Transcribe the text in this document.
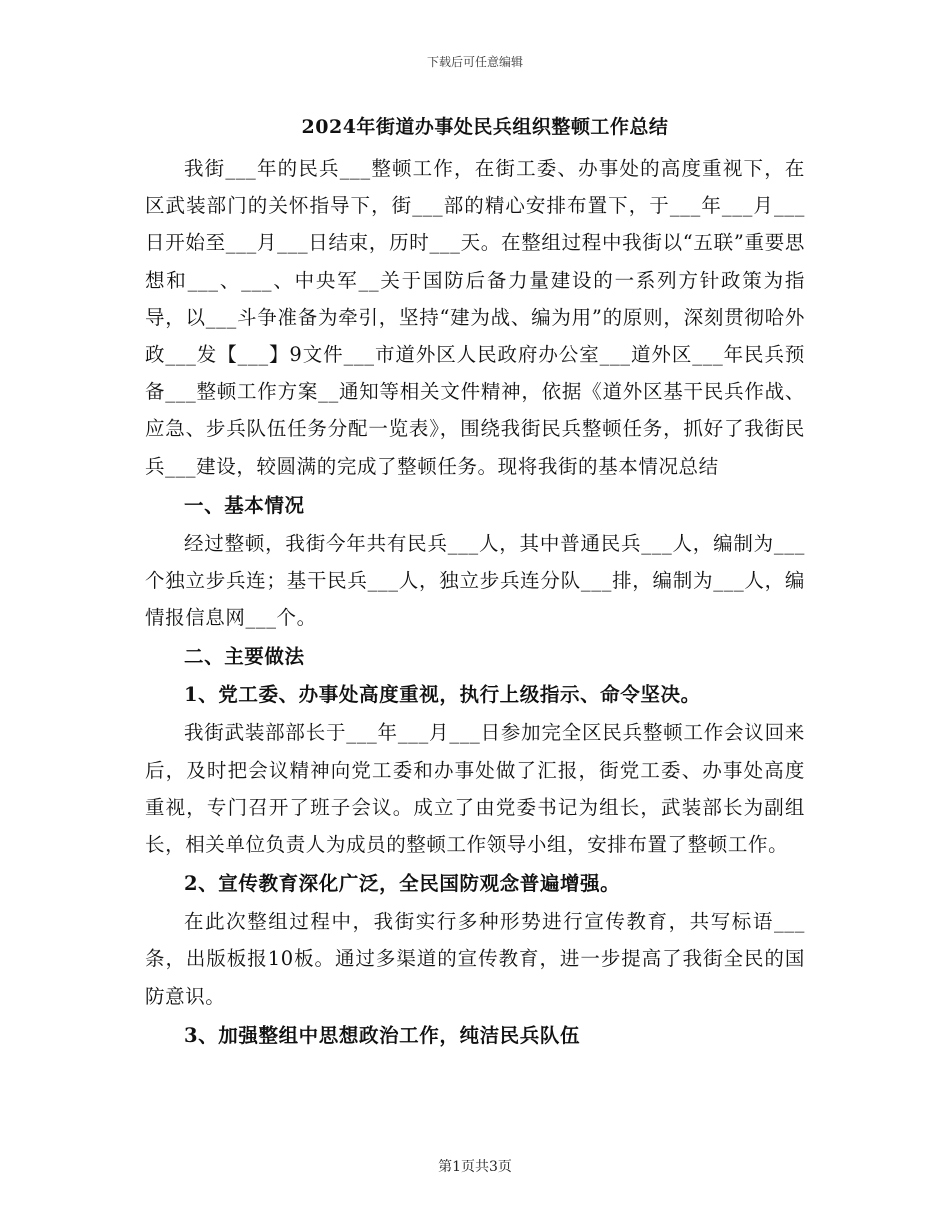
下载后可任意编辑
2024年街道办事处民兵组织整顿工作总结

我街___年的民兵___整顿工作，在街工委、办事处的高度重视下，在区武装部门的关怀指导下，街___部的精心安排布置下，于___年___月___日开始至___月___日结束，历时___天。在整组过程中我街以“五联”重要思想和___、___、中央军__关于国防后备力量建设的一系列方针政策为指导，以___斗争准备为牵引，坚持“建为战、编为用”的原则，深刻贯彻哈外政___发【___】9文件___市道外区人民政府办公室___道外区___年民兵预备___整顿工作方案__通知等相关文件精神，依据《道外区基干民兵作战、应急、步兵队伍任务分配一览表》，围绕我街民兵整顿任务，抓好了我街民兵___建设，较圆满的完成了整顿任务。现将我街的基本情况总结

一、基本情况

经过整顿，我街今年共有民兵___人，其中普通民兵___人，编制为___个独立步兵连；基干民兵___人，独立步兵连分队___排，编制为___人，编情报信息网___个。

二、主要做法

1、党工委、办事处高度重视，执行上级指示、命令坚决。

我街武装部部长于___年___月___日参加完全区民兵整顿工作会议回来后，及时把会议精神向党工委和办事处做了汇报，街党工委、办事处高度重视，专门召开了班子会议。成立了由党委书记为组长，武装部长为副组长，相关单位负责人为成员的整顿工作领导小组，安排布置了整顿工作。

2、宣传教育深化广泛，全民国防观念普遍增强。

在此次整组过程中，我街实行多种形势进行宣传教育，共写标语___条，出版板报10板。通过多渠道的宣传教育，进一步提高了我街全民的国防意识。

3、加强整组中思想政治工作，纯洁民兵队伍

第1页共3页
